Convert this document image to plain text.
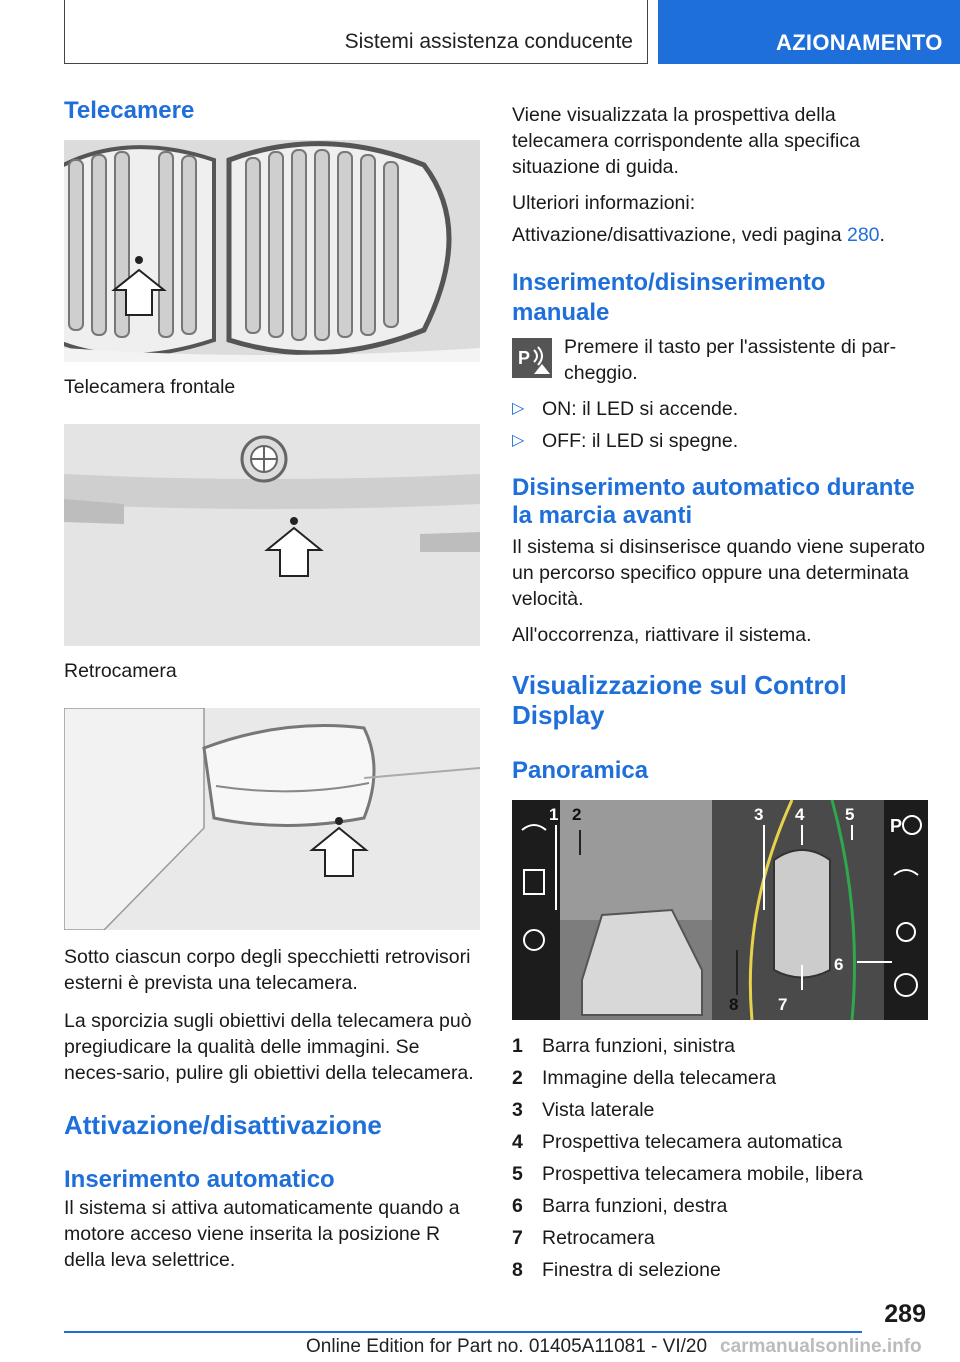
Sistemi assistenza conducente	AZIONAMENTO
Telecamere
Telecamera frontale
Retrocamera

Sotto ciascun corpo degli specchietti retrovisori esterni è prevista una telecamera.

La sporcizia sugli obiettivi della telecamera può pregiudicare la qualità delle immagini. Se neces-sario, pulire gli obiettivi della telecamera.

Attivazione/disattivazione
Inserimento automatico

Il sistema si attiva automaticamente quando a motore acceso viene inserita la posizione R della leva selettrice.

Viene visualizzata la prospettiva della telecamera corrispondente alla specifica situazione di guida.

Ulteriori informazioni:

Attivazione/disattivazione, vedi pagina 280.

Inserimento/disinserimento manuale
P Premere il tasto per l'assistente di par-cheggio.

▷ ON: il LED si accende.
▷ OFF: il LED si spegne.
Disinserimento automatico durante la marcia avanti

Il sistema si disinserisce quando viene superato un percorso specifico oppure una determinata velocità.

All'occorrenza, riattivare il sistema.

Visualizzazione sul Control Display
Panoramica
P
1 2	3 4 5
6
7
8
1 Barra funzioni, sinistra
2 Immagine della telecamera
3 Vista laterale
4 Prospettiva telecamera automatica
5 Prospettiva telecamera mobile, libera
6 Barra funzioni, destra
7 Retrocamera
8 Finestra di selezione
289
Online Edition for Part no. 01405A11081 - VI/20 carmanualsonline.info
